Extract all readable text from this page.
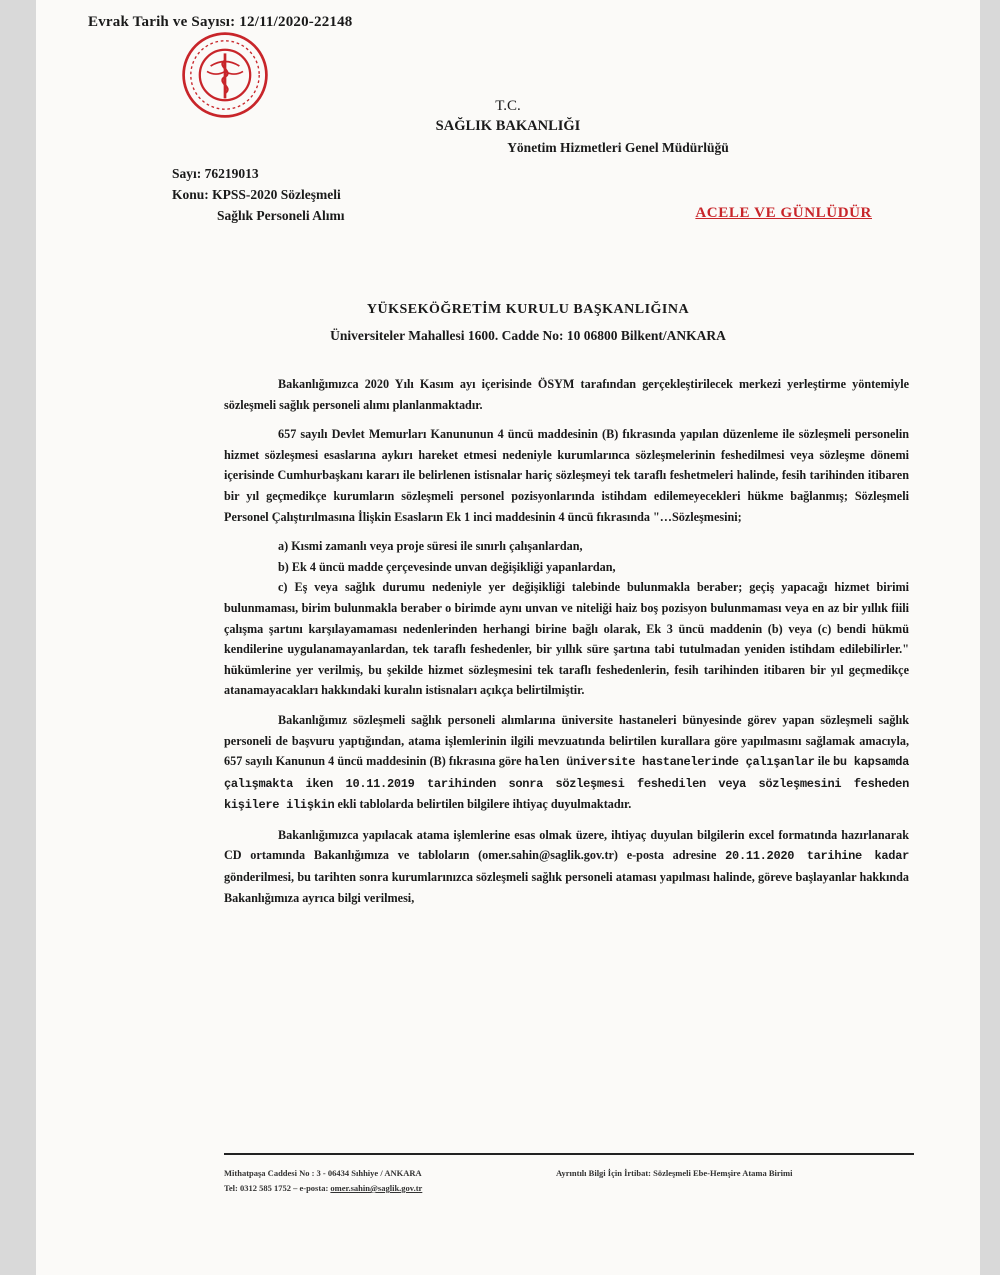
Evrak Tarih ve Sayısı: 12/11/2020-22148

T.C.

SAĞLIK BAKANLIĞI

Yönetim Hizmetleri Genel Müdürlüğü

Sayı: 76219013

Konu: KPSS-2020 Sözleşmeli

Sağlık Personeli Alımı	ACELE VE GÜNLÜDÜR

YÜKSEKÖĞRETİM KURULU BAŞKANLIĞINA

Üniversiteler Mahallesi 1600. Cadde No: 10 06800 Bilkent/ANKARA

Bakanlığımızca 2020 Yılı Kasım ayı içerisinde ÖSYM tarafından gerçekleştirilecek merkezi yerleştirme yöntemiyle sözleşmeli sağlık personeli alımı planlanmaktadır.

657 sayılı Devlet Memurları Kanununun 4 üncü maddesinin (B) fıkrasında yapılan düzenleme ile sözleşmeli personelin hizmet sözleşmesi esaslarına aykırı hareket etmesi nedeniyle kurumlarınca sözleşmelerinin feshedilmesi veya sözleşme dönemi içerisinde Cumhurbaşkanı kararı ile belirlenen istisnalar hariç sözleşmeyi tek taraflı feshetmeleri halinde, fesih tarihinden itibaren bir yıl geçmedikçe kurumların sözleşmeli personel pozisyonlarında istihdam edilemeyecekleri hükme bağlanmış; Sözleşmeli Personel Çalıştırılmasına İlişkin Esasların Ek 1 inci maddesinin 4 üncü fıkrasında "…Sözleşmesini;

a) Kısmi zamanlı veya proje süresi ile sınırlı çalışanlardan,

b) Ek 4 üncü madde çerçevesinde unvan değişikliği yapanlardan,

c) Eş veya sağlık durumu nedeniyle yer değişikliği talebinde bulunmakla beraber; geçiş yapacağı hizmet birimi bulunmaması, birim bulunmakla beraber o birimde aynı unvan ve niteliği haiz boş pozisyon bulunmaması veya en az bir yıllık fiili çalışma şartını karşılayamaması nedenlerinden herhangi birine bağlı olarak, Ek 3 üncü maddenin (b) veya (c) bendi hükmü kendilerine uygulanamayanlardan, tek taraflı feshedenler, bir yıllık süre şartına tabi tutulmadan yeniden istihdam edilebilirler." hükümlerine yer verilmiş, bu şekilde hizmet sözleşmesini tek taraflı feshedenlerin, fesih tarihinden itibaren bir yıl geçmedikçe atanamayacakları hakkındaki kuralın istisnaları açıkça belirtilmiştir.

Bakanlığımız sözleşmeli sağlık personeli alımlarına üniversite hastaneleri bünyesinde görev yapan sözleşmeli sağlık personeli de başvuru yaptığından, atama işlemlerinin ilgili mevzuatında belirtilen kurallara göre yapılmasını sağlamak amacıyla, 657 sayılı Kanunun 4 üncü maddesinin (B) fıkrasına göre halen üniversite hastanelerinde çalışanlar ile bu kapsamda çalışmakta iken 10.11.2019 tarihinden sonra sözleşmesi feshedilen veya sözleşmesini fesheden kişilere ilişkin ekli tablolarda belirtilen bilgilere ihtiyaç duyulmaktadır.

Bakanlığımızca yapılacak atama işlemlerine esas olmak üzere, ihtiyaç duyulan bilgilerin excel formatında hazırlanarak CD ortamında Bakanlığımıza ve tabloların (omer.sahin@saglik.gov.tr) e-posta adresine 20.11.2020 tarihine kadar gönderilmesi, bu tarihten sonra kurumlarınızca sözleşmeli sağlık personeli ataması yapılması halinde, göreve başlayanlar hakkında Bakanlığımıza ayrıca bilgi verilmesi,

Mithatpaşa Caddesi No : 3 - 06434 Sıhhiye / ANKARA

Tel: 0312 585 1752 – e-posta: omer.sahin@saglik.gov.tr

Ayrıntılı Bilgi İçin İrtibat: Sözleşmeli Ebe-Hemşire Atama Birimi
